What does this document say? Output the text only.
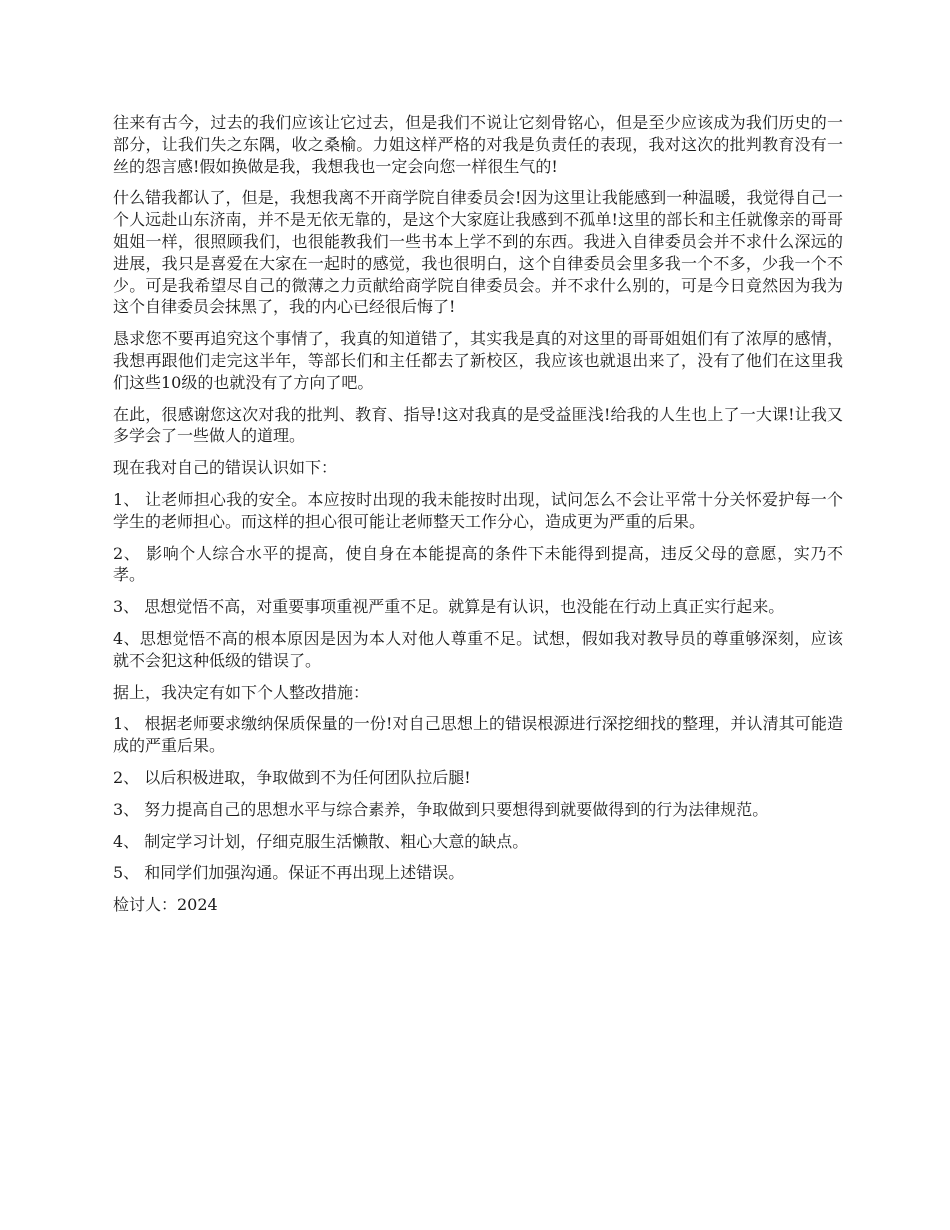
往来有古今，过去的我们应该让它过去，但是我们不说让它刻骨铭心，但是至少应该成为我们历史的一部分，让我们失之东隅，收之桑榆。力姐这样严格的对我是负责任的表现，我对这次的批判教育没有一丝的怨言感!假如换做是我，我想我也一定会向您一样很生气的!

什么错我都认了，但是，我想我离不开商学院自律委员会!因为这里让我能感到一种温暖，我觉得自己一个人远赴山东济南，并不是无依无靠的，是这个大家庭让我感到不孤单!这里的部长和主任就像亲的哥哥姐姐一样，很照顾我们，也很能教我们一些书本上学不到的东西。我进入自律委员会并不求什么深远的进展，我只是喜爱在大家在一起时的感觉，我也很明白，这个自律委员会里多我一个不多，少我一个不少。可是我希望尽自己的微薄之力贡献给商学院自律委员会。并不求什么别的，可是今日竟然因为我为这个自律委员会抹黑了，我的内心已经很后悔了!

恳求您不要再追究这个事情了，我真的知道错了，其实我是真的对这里的哥哥姐姐们有了浓厚的感情，我想再跟他们走完这半年，等部长们和主任都去了新校区，我应该也就退出来了，没有了他们在这里我们这些10级的也就没有了方向了吧。

在此，很感谢您这次对我的批判、教育、指导!这对我真的是受益匪浅!给我的人生也上了一大课!让我又多学会了一些做人的道理。

现在我对自己的错误认识如下：

1、 让老师担心我的安全。本应按时出现的我未能按时出现，试问怎么不会让平常十分关怀爱护每一个学生的老师担心。而这样的担心很可能让老师整天工作分心，造成更为严重的后果。

2、 影响个人综合水平的提高，使自身在本能提高的条件下未能得到提高，违反父母的意愿，实乃不孝。

3、 思想觉悟不高，对重要事项重视严重不足。就算是有认识，也没能在行动上真正实行起来。

4、思想觉悟不高的根本原因是因为本人对他人尊重不足。试想，假如我对教导员的尊重够深刻，应该就不会犯这种低级的错误了。

据上，我决定有如下个人整改措施：

1、 根据老师要求缴纳保质保量的一份!对自己思想上的错误根源进行深挖细找的整理，并认清其可能造成的严重后果。

2、 以后积极进取，争取做到不为任何团队拉后腿!

3、 努力提高自己的思想水平与综合素养，争取做到只要想得到就要做得到的行为法律规范。

4、 制定学习计划，仔细克服生活懒散、粗心大意的缺点。

5、 和同学们加强沟通。保证不再出现上述错误。

检讨人：2024
